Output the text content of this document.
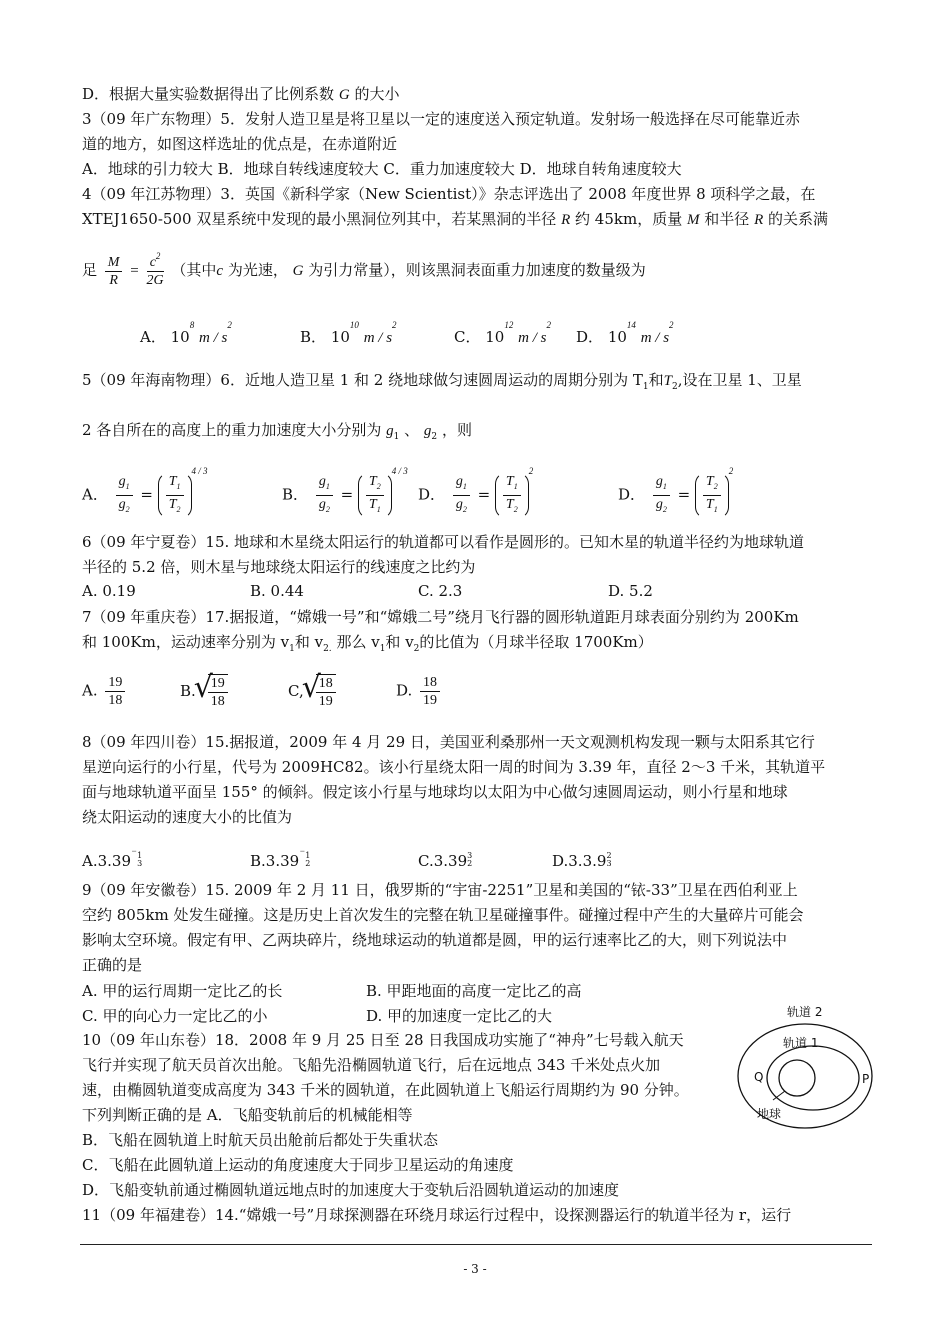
D．根据大量实验数据得出了比例系数 G 的大小
3（09 年广东物理）5．发射人造卫星是将卫星以一定的速度送入预定轨道。发射场一般选择在尽可能靠近赤
道的地方，如图这样选址的优点是，在赤道附近
A．地球的引力较大 B．地球自转线速度较大 C．重力加速度较大 D．地球自转角速度较大
4（09 年江苏物理）3．英国《新科学家（New Scientist）》杂志评选出了 2008 年度世界 8 项科学之最，在
XTEJ1650-500 双星系统中发现的最小黑洞位列其中，若某黑洞的半径 R 约 45km，质量 M 和半径 R 的关系满
足 $\frac{M}{R} = \frac{c^2}{2G}$ （其中c 为光速， G 为引力常量），则该黑洞表面重力加速度的数量级为
A． $10^8$ m / $s^2$
B． $10^{10}$ m / $s^2$
C． $10^{12}$ m / $s^2$
D． $10^{14}$ m / $s^2$
5（09 年海南物理）6．近地人造卫星 1 和 2 绕地球做匀速圆周运动的周期分别为 $T_1$和$T_2$,设在卫星 1、卫星
2 各自所在的高度上的重力加速度大小分别为 $g_1$ 、 $g_2$ ，则
A． $\frac{g_1}{g_2} = \frac{T_1}{T_2}$
$^{4 / 3}$
B． $\frac{g_1}{g_2} = \frac{T_2}{T_1}$
$^{4 / 3}$
D． $\frac{g_1}{g_2} = \frac{T_1}{T_2}$
$^2$
D． $\frac{g_1}{g_2} = \frac{T_2}{T_1}$
$^2$
6（09 年宁夏卷）15. 地球和木星绕太阳运行的轨道都可以看作是圆形的。已知木星的轨道半径约为地球轨道
半径的 5.2 倍，则木星与地球绕太阳运行的线速度之比约为
A. 0.19	B. 0.44	C. 2.3	D. 5.2
7（09 年重庆卷）17.据报道，“嫦娥一号”和“嫦娥二号”绕月飞行器的圆形轨道距月球表面分别约为 200Km
和 100Km，运动速率分别为 $v_1$和 $v_{2.}$ 那么 $v_1$和 $v_2$的比值为（月球半径取 1700Km）
A. $\frac{19}{18}$	B. √ $\frac{19}{18}$	C, √ $\frac{18}{19}$	D. $\frac{18}{19}$
8（09 年四川卷）15.据报道，2009 年 4 月 29 日，美国亚利桑那州一天文观测机构发现一颗与太阳系其它行
星逆向运行的小行星，代号为 2009HC82。该小行星绕太阳一周的时间为 3.39 年，直径 2～3 千米，其轨道平
面与地球轨道平面呈 155° 的倾斜。假定该小行星与地球均以太阳为中心做匀速圆周运动，则小行星和地球
绕太阳运动的速度大小的比值为
A.3.39− 1
3	B.3.39− 1
2	C.3.39 3
2	D.3.3.9 2
3
9（09 年安徽卷）15. 2009 年 2 月 11 日，俄罗斯的“宇宙-2251”卫星和美国的“铱-33”卫星在西伯利亚上
空约 805km 处发生碰撞。这是历史上首次发生的完整在轨卫星碰撞事件。碰撞过程中产生的大量碎片可能会
影响太空环境。假定有甲、乙两块碎片，绕地球运动的轨道都是圆，甲的运行速率比乙的大，则下列说法中
正确的是
A. 甲的运行周期一定比乙的长	B. 甲距地面的高度一定比乙的高
C. 甲的向心力一定比乙的小	D. 甲的加速度一定比乙的大
10（09 年山东卷）18．2008 年 9 月 25 日至 28 日我国成功实施了“神舟”七号载入航天
飞行并实现了航天员首次出舱。飞船先沿椭圆轨道飞行，后在远地点 343 千米处点火加
速，由椭圆轨道变成高度为 343 千米的圆轨道，在此圆轨道上飞船运行周期约为 90 分钟。
下列判断正确的是 A．飞船变轨前后的机械能相等
B．飞船在圆轨道上时航天员出舱前后都处于失重状态
C．飞船在此圆轨道上运动的角度速度大于同步卫星运动的角速度
D．飞船变轨前通过椭圆轨道远地点时的加速度大于变轨后沿圆轨道运动的加速度
11（09 年福建卷）14.“嫦娥一号”月球探测器在环绕月球运行过程中，设探测器运行的轨道半径为 r，运行
轨道 2
轨道 1
Q	P
地球
- 3 -
